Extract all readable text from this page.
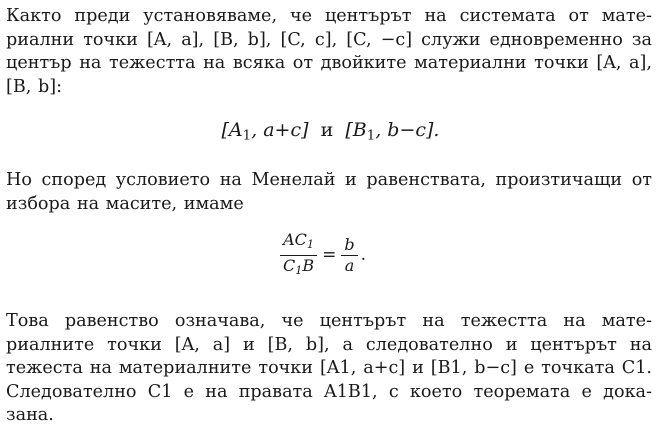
Както преди установяваме, че центърът на системата от мате- риални точки [A, a], [B, b], [C, c], [C, −c] служи едновременно за център на тежестта на всяка от двойките материални точки [A, a], [B, b]:

[$A_1$, a+c] и [$B_1$, b−c].

Но според условието на Менелай и равенствата, произтичащи от избора на масите, имаме

$\frac{AC_1}{C_1B} = \frac{b}{a}$ .

Това равенство означава, че центърът на тежестта на мате- риалните точки [A, a] и [B, b], а следователно и центърът на тежеста на материалните точки [A1, a+c] и [B1, b−c] е точката C1. Следователно C1 е на правата A1B1, с което теоремата е дока- зана.
